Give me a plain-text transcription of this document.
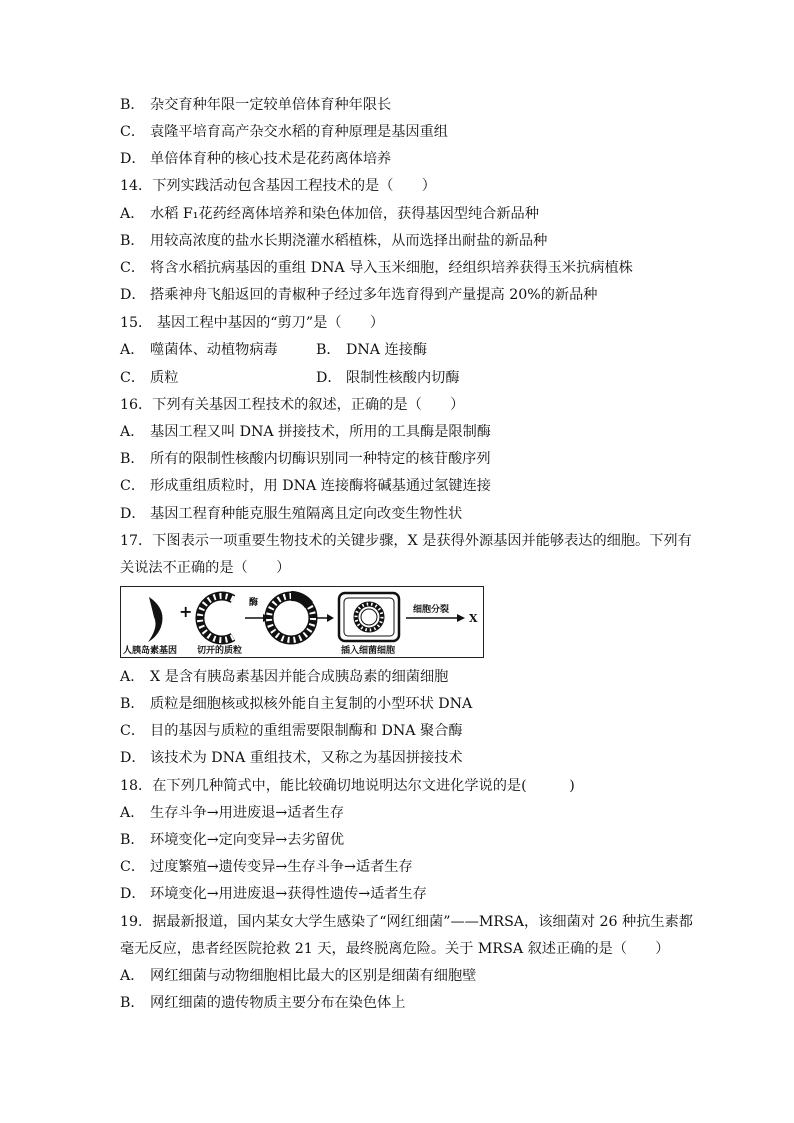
B． 杂交育种年限一定较单倍体育种年限长
C． 袁隆平培育高产杂交水稻的育种原理是基因重组
D． 单倍体育种的核心技术是花药离体培养
14．下列实践活动包含基因工程技术的是（　　）
A． 水稻 F₁花药经离体培养和染色体加倍，获得基因型纯合新品种
B． 用较高浓度的盐水长期浇灌水稻植株，从而选择出耐盐的新品种
C． 将含水稻抗病基因的重组 DNA 导入玉米细胞，经组织培养获得玉米抗病植株
D． 搭乘神舟飞船返回的青椒种子经过多年选育得到产量提高 20%的新品种
15． 基因工程中基因的“剪刀”是（　　）
A． 噬菌体、动植物病毒	B． DNA 连接酶
C． 质粒	D． 限制性核酸内切酶
16．下列有关基因工程技术的叙述，正确的是（　　）
A． 基因工程又叫 DNA 拼接技术，所用的工具酶是限制酶
B． 所有的限制性核酸内切酶识别同一种特定的核苷酸序列
C． 形成重组质粒时，用 DNA 连接酶将碱基通过氢键连接
D． 基因工程育种能克服生殖隔离且定向改变生物性状
17．下图表示一项重要生物技术的关键步骤，X 是获得外源基因并能够表达的细胞。下列有
关说法不正确的是（　　）
+	酶
细胞分裂
X
人胰岛素基因 切开的质粒	插入细菌细胞
A． X 是含有胰岛素基因并能合成胰岛素的细菌细胞
B． 质粒是细胞核或拟核外能自主复制的小型环状 DNA
C． 目的基因与质粒的重组需要限制酶和 DNA 聚合酶
D． 该技术为 DNA 重组技术，又称之为基因拼接技术
18．在下列几种简式中，能比较确切地说明达尔文进化学说的是(　　　)
A． 生存斗争→用进废退→适者生存
B． 环境变化→定向变异→去劣留优
C． 过度繁殖→遗传变异→生存斗争→适者生存
D． 环境变化→用进废退→获得性遗传→适者生存
19．据最新报道，国内某女大学生感染了“网红细菌”——MRSA，该细菌对 26 种抗生素都
毫无反应，患者经医院抢救 21 天，最终脱离危险。关于 MRSA 叙述正确的是（　　）
A． 网红细菌与动物细胞相比最大的区别是细菌有细胞壁
B． 网红细菌的遗传物质主要分布在染色体上
